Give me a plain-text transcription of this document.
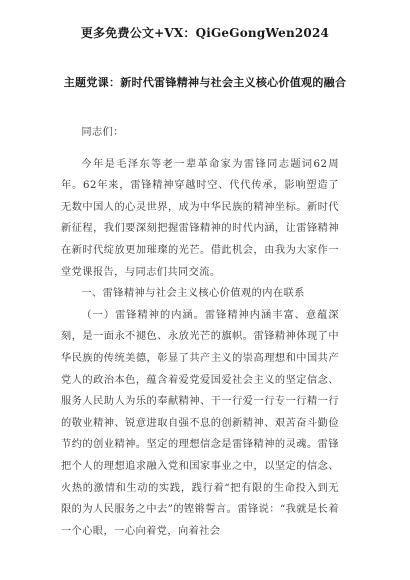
更多免费公文+VX：QiGeGongWen2024
主题党课：新时代雷锋精神与社会主义核心价值观的融合

同志们：

今年是毛泽东等老一辈革命家为雷锋同志题词62周年。62年来，雷锋精神穿越时空、代代传承，影响塑造了无数中国人的心灵世界，成为中华民族的精神坐标。新时代新征程，我们要深刻把握雷锋精神的时代内涵，让雷锋精神在新时代绽放更加璀璨的光芒。借此机会，由我为大家作一堂党课报告，与同志们共同交流。

一、雷锋精神与社会主义核心价值观的内在联系

（一）雷锋精神的内涵。雷锋精神内涵丰富、意蕴深刻，是一面永不褪色、永放光芒的旗帜。雷锋精神体现了中华民族的传统美德，彰显了共产主义的崇高理想和中国共产党人的政治本色，蕴含着爱党爱国爱社会主义的坚定信念、服务人民助人为乐的奉献精神、干一行爱一行专一行精一行的敬业精神、锐意进取自强不息的创新精神、艰苦奋斗勤俭节约的创业精神。坚定的理想信念是雷锋精神的灵魂。雷锋把个人的理想追求融入党和国家事业之中，以坚定的信念、火热的激情和生动的实践，践行着“把有限的生命投入到无限的为人民服务之中去”的铿锵誓言。雷锋说：“我就是长着一个心眼，一心向着党，向着社会
